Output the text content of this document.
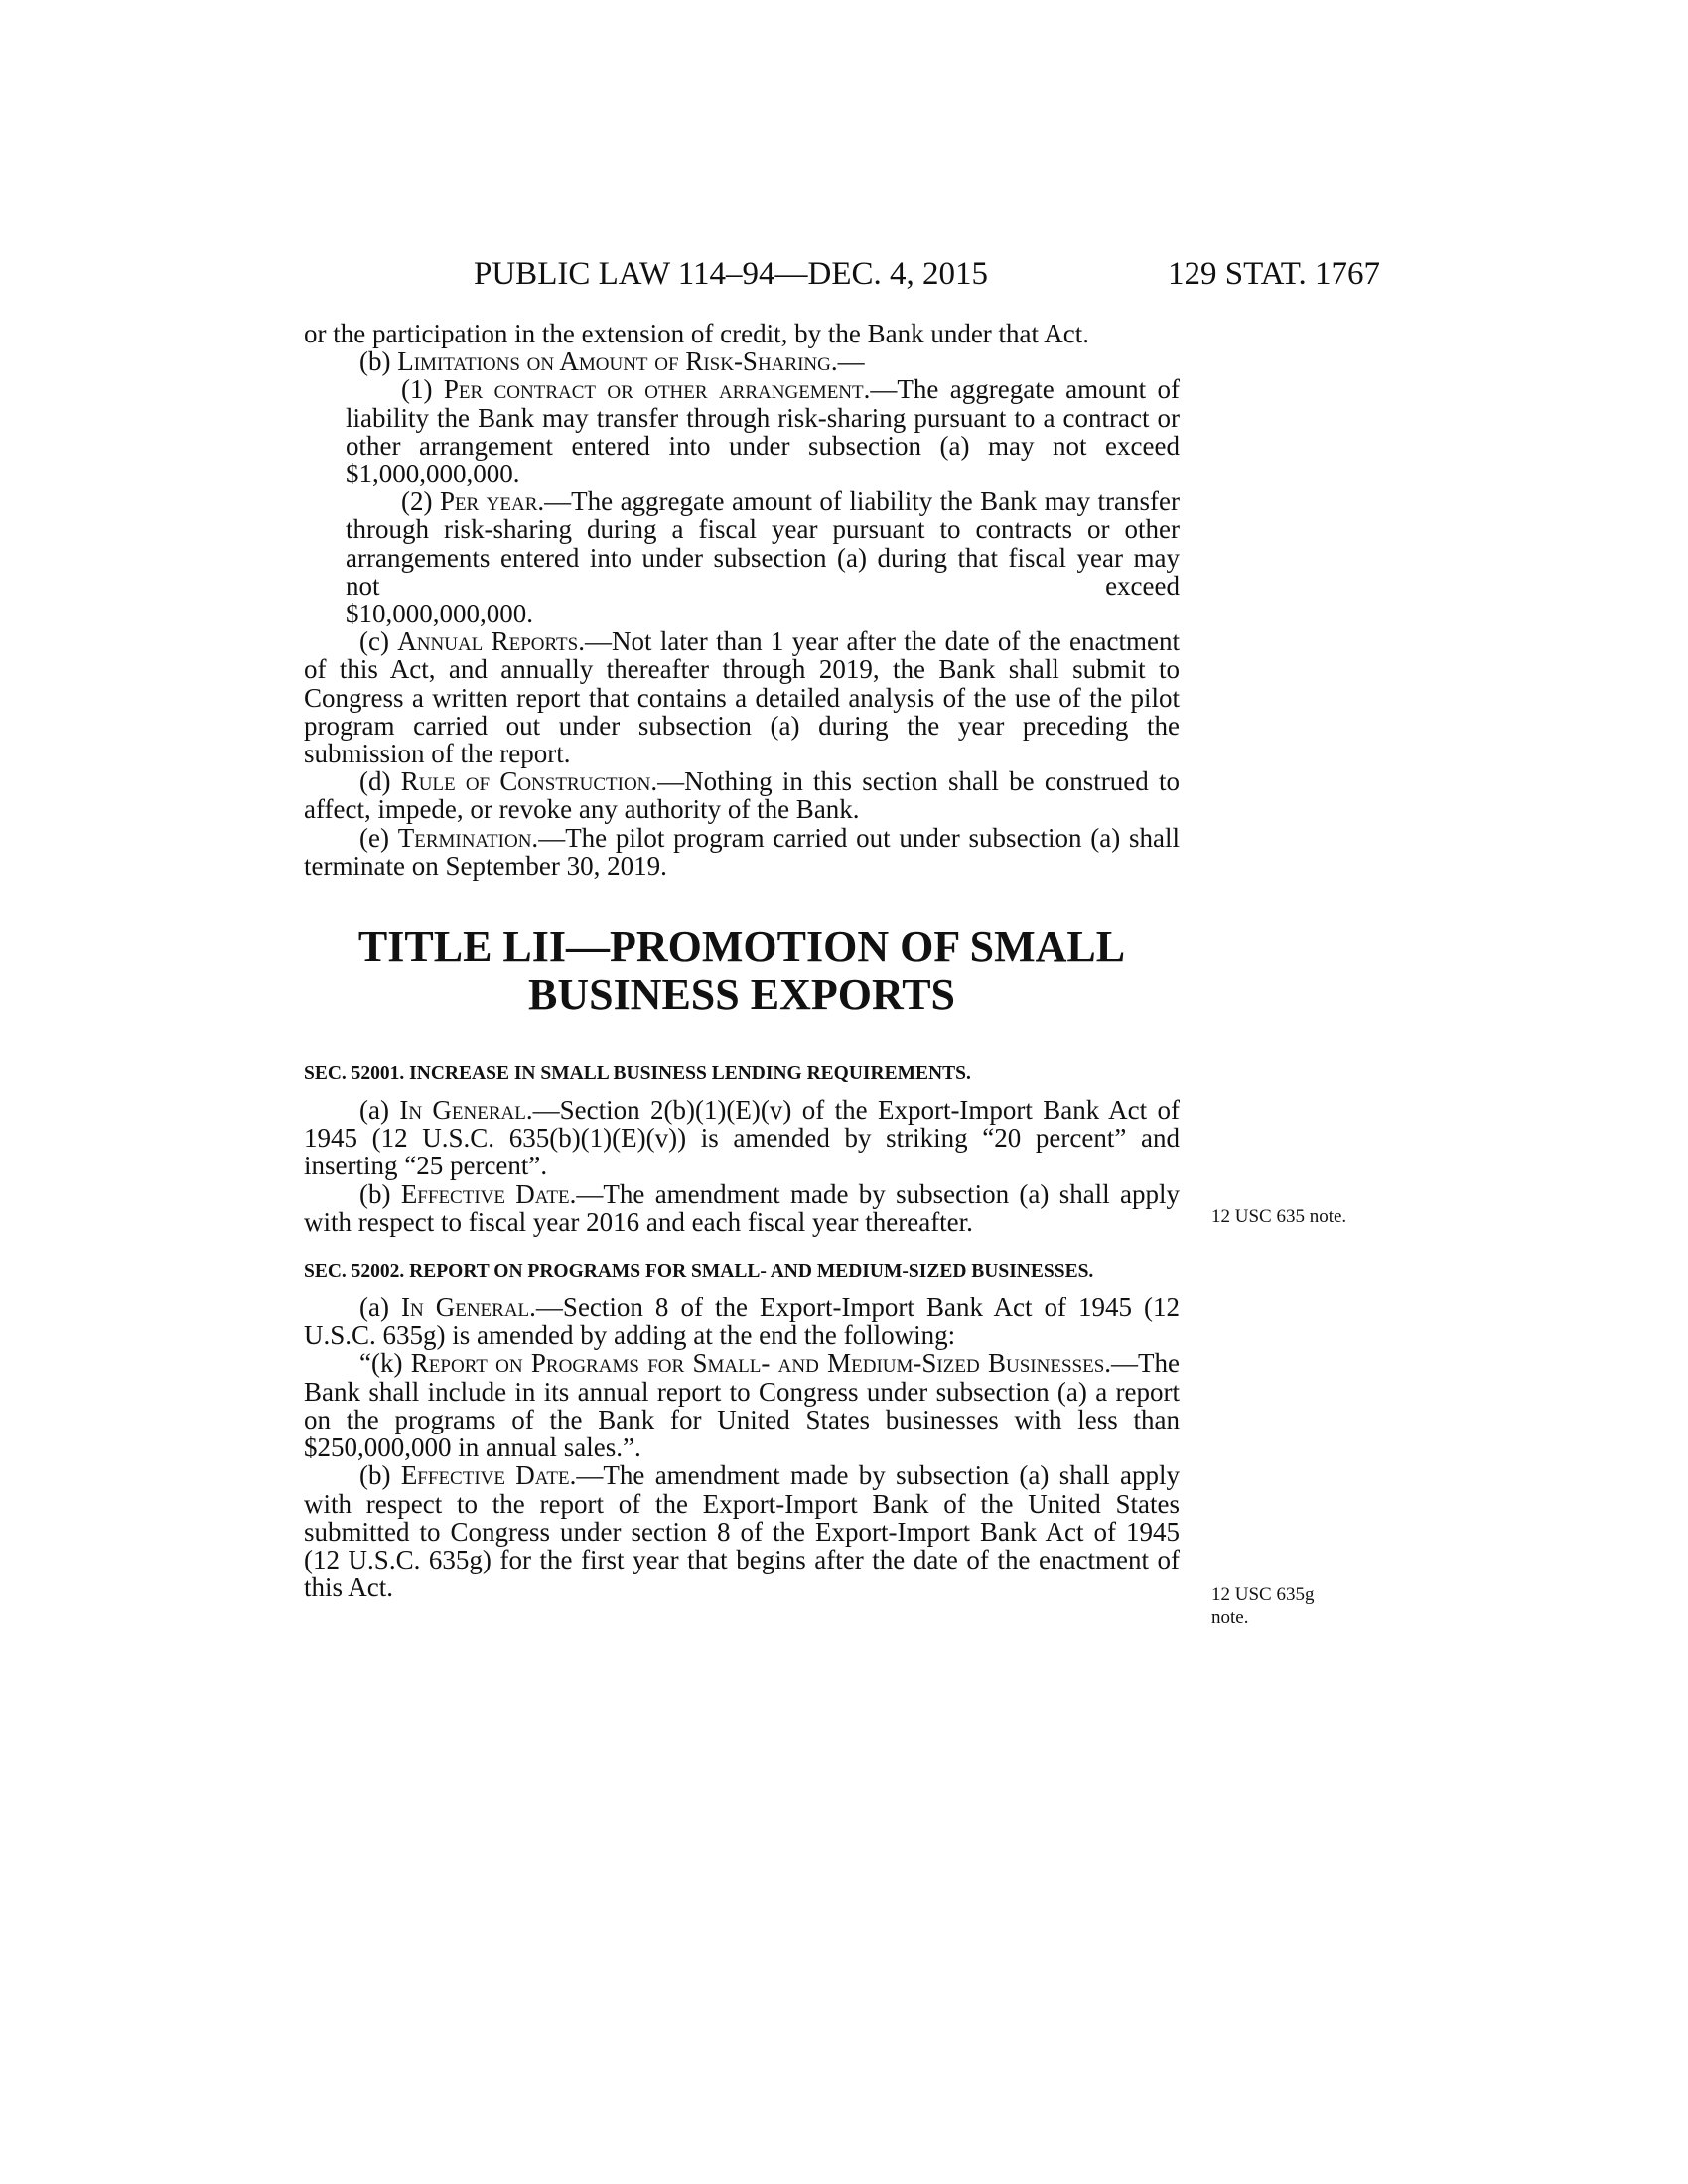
PUBLIC LAW 114–94—DEC. 4, 2015	129 STAT. 1767

or the participation in the extension of credit, by the Bank under that Act.

(b) Limitations on Amount of Risk-Sharing.—

(1) Per contract or other arrangement.—The aggregate amount of liability the Bank may transfer through risk-sharing pursuant to a contract or other arrangement entered into under subsection (a) may not exceed $1,000,000,000.

(2) Per year.—The aggregate amount of liability the Bank may transfer through risk-sharing during a fiscal year pursuant to contracts or other arrangements entered into under subsection (a) during that fiscal year may not exceed

$10,000,000,000.

(c) Annual Reports.—Not later than 1 year after the date of the enactment of this Act, and annually thereafter through 2019, the Bank shall submit to Congress a written report that contains a detailed analysis of the use of the pilot program carried out under subsection (a) during the year preceding the submission of the report.

(d) Rule of Construction.—Nothing in this section shall be construed to affect, impede, or revoke any authority of the Bank.

(e) Termination.—The pilot program carried out under subsection (a) shall terminate on September 30, 2019.

TITLE LII—PROMOTION OF SMALL
BUSINESS EXPORTS
SEC. 52001. INCREASE IN SMALL BUSINESS LENDING REQUIREMENTS.

(a) In General.—Section 2(b)(1)(E)(v) of the Export-Import Bank Act of 1945 (12 U.S.C. 635(b)(1)(E)(v)) is amended by striking “20 percent” and inserting “25 percent”.

(b) Effective Date.—The amendment made by subsection (a) shall apply with respect to fiscal year 2016 and each fiscal year thereafter.

SEC. 52002. REPORT ON PROGRAMS FOR SMALL- AND MEDIUM-SIZED BUSINESSES.

(a) In General.—Section 8 of the Export-Import Bank Act of 1945 (12 U.S.C. 635g) is amended by adding at the end the following:

“(k) Report on Programs for Small- and Medium-Sized Businesses.—The Bank shall include in its annual report to Congress under subsection (a) a report on the programs of the Bank for United States businesses with less than $250,000,000 in annual sales.”.

(b) Effective Date.—The amendment made by subsection (a) shall apply with respect to the report of the Export-Import Bank of the United States submitted to Congress under section 8 of the Export-Import Bank Act of 1945 (12 U.S.C. 635g) for the first year that begins after the date of the enactment of this Act.

12 USC 635 note.
12 USC 635g
note.
